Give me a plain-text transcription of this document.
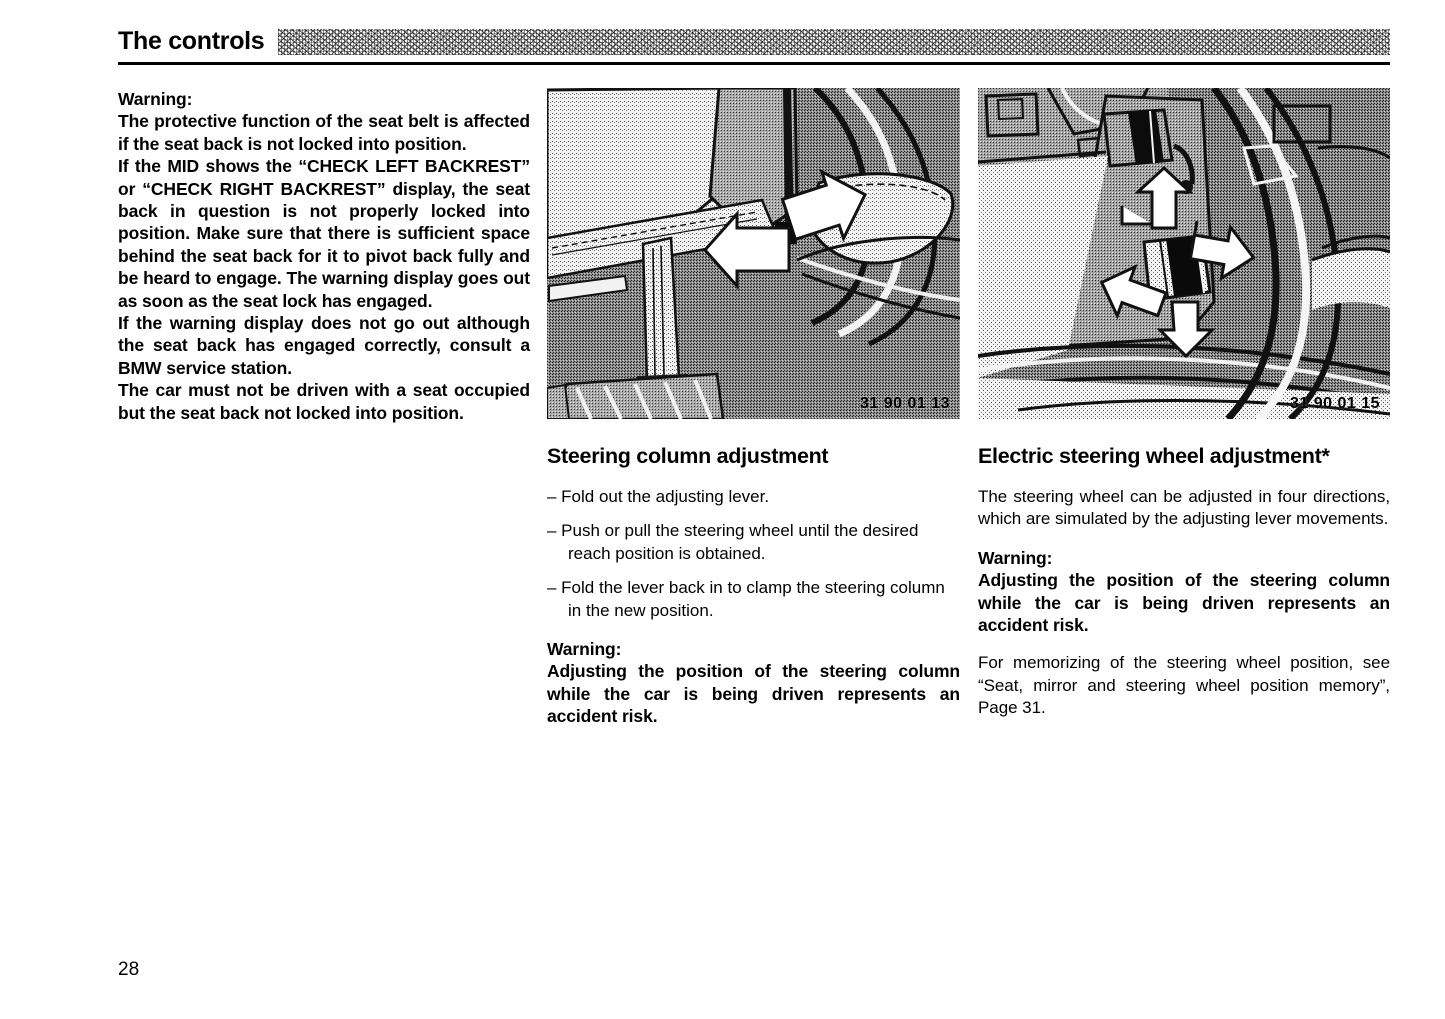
The controls
Warning:
The protective function of the seat belt is affected if the seat back is not locked into position.
If the MID shows the “CHECK LEFT BACKREST” or “CHECK RIGHT BACKREST” display, the seat back in question is not properly locked into position. Make sure that there is sufficient space behind the seat back for it to pivot back fully and be heard to engage. The warning display goes out as soon as the seat lock has engaged.
If the warning display does not go out although the seat back has engaged correctly, consult a BMW service station.
The car must not be driven with a seat occupied but the seat back not locked into position.	31 90 01 13	31 90 01 15
Steering column adjustment
– Fold out the adjusting lever.
– Push or pull the steering wheel until the desired reach position is obtained.
– Fold the lever back in to clamp the steering column in the new position.
Warning:
Adjusting the position of the steering column while the car is being driven represents an accident risk.
Electric steering wheel adjustment*
The steering wheel can be adjusted in four directions, which are simulated by the adjusting lever movements.
Warning:
Adjusting the position of the steering column while the car is being driven represents an accident risk.
For memorizing of the steering wheel position, see “Seat, mirror and steering wheel position memory”, Page 31.
28
